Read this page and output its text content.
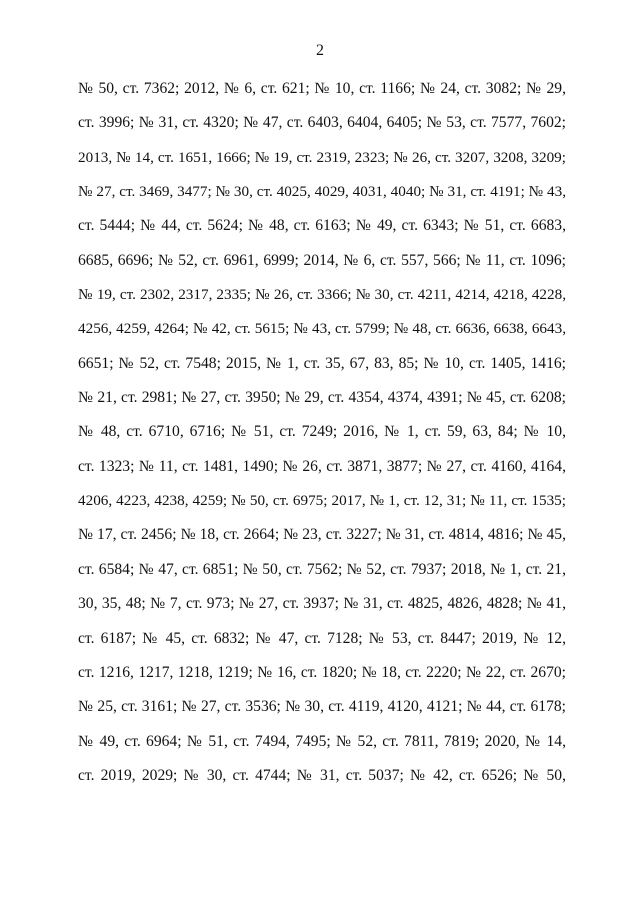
2
№ 50, ст. 7362; 2012, № 6, ст. 621; № 10, ст. 1166; № 24, ст. 3082; № 29,
ст. 3996; № 31, ст. 4320; № 47, ст. 6403, 6404, 6405; № 53, ст. 7577, 7602;
2013, № 14, ст. 1651, 1666; № 19, ст. 2319, 2323; № 26, ст. 3207, 3208, 3209;
№ 27, ст. 3469, 3477; № 30, ст. 4025, 4029, 4031, 4040; № 31, ст. 4191; № 43,
ст. 5444; № 44, ст. 5624; № 48, ст. 6163; № 49, ст. 6343; № 51, ст. 6683,
6685, 6696; № 52, ст. 6961, 6999; 2014, № 6, ст. 557, 566; № 11, ст. 1096;
№ 19, ст. 2302, 2317, 2335; № 26, ст. 3366; № 30, ст. 4211, 4214, 4218, 4228,
4256, 4259, 4264; № 42, ст. 5615; № 43, ст. 5799; № 48, ст. 6636, 6638, 6643,
6651; № 52, ст. 7548; 2015, № 1, ст. 35, 67, 83, 85; № 10, ст. 1405, 1416;
№ 21, ст. 2981; № 27, ст. 3950; № 29, ст. 4354, 4374, 4391; № 45, ст. 6208;
№ 48, ст. 6710, 6716; № 51, ст. 7249; 2016, № 1, ст. 59, 63, 84; № 10,
ст. 1323; № 11, ст. 1481, 1490; № 26, ст. 3871, 3877; № 27, ст. 4160, 4164,
4206, 4223, 4238, 4259; № 50, ст. 6975; 2017, № 1, ст. 12, 31; № 11, ст. 1535;
№ 17, ст. 2456; № 18, ст. 2664; № 23, ст. 3227; № 31, ст. 4814, 4816; № 45,
ст. 6584; № 47, ст. 6851; № 50, ст. 7562; № 52, ст. 7937; 2018, № 1, ст. 21,
30, 35, 48; № 7, ст. 973; № 27, ст. 3937; № 31, ст. 4825, 4826, 4828; № 41,
ст. 6187; № 45, ст. 6832; № 47, ст. 7128; № 53, ст. 8447; 2019, № 12,
ст. 1216, 1217, 1218, 1219; № 16, ст. 1820; № 18, ст. 2220; № 22, ст. 2670;
№ 25, ст. 3161; № 27, ст. 3536; № 30, ст. 4119, 4120, 4121; № 44, ст. 6178;
№ 49, ст. 6964; № 51, ст. 7494, 7495; № 52, ст. 7811, 7819; 2020, № 14,
ст. 2019, 2029; № 30, ст. 4744; № 31, ст. 5037; № 42, ст. 6526; № 50,
